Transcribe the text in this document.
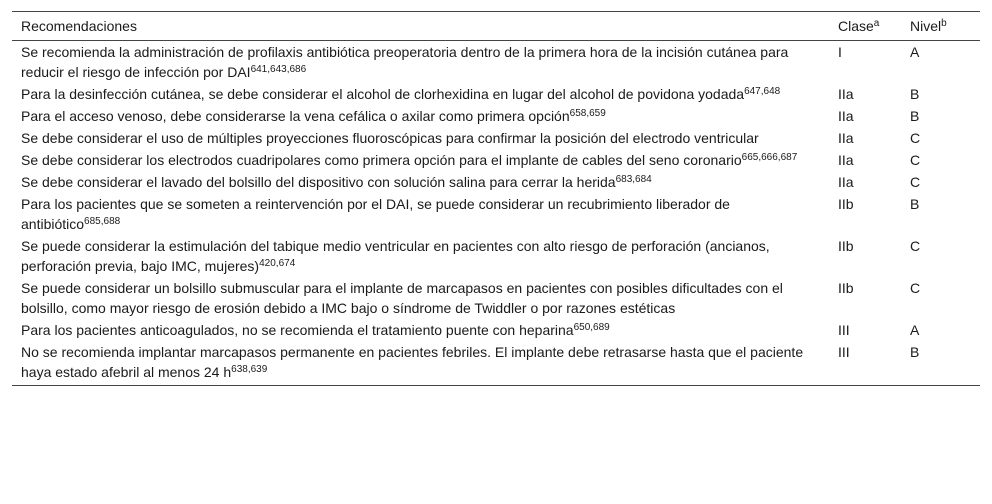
Recomendaciones	Clase$^a$	Nivel$^b$
Se recomienda la administración de profilaxis antibiótica preoperatoria dentro de la primera hora de la incisión cutánea para reducir el riesgo de infección por DAI$^{641,643,686}$	I	A
Para la desinfección cutánea, se debe considerar el alcohol de clorhexidina en lugar del alcohol de povidona yodada$^{647,648}$	IIa	B
Para el acceso venoso, debe considerarse la vena cefálica o axilar como primera opción$^{658,659}$	IIa	B
Se debe considerar el uso de múltiples proyecciones fluoroscópicas para confirmar la posición del electrodo ventricular	IIa	C
Se debe considerar los electrodos cuadripolares como primera opción para el implante de cables del seno coronario$^{665,666,687}$	IIa	C
Se debe considerar el lavado del bolsillo del dispositivo con solución salina para cerrar la herida$^{683,684}$	IIa	C
Para los pacientes que se someten a reintervención por el DAI, se puede considerar un recubrimiento liberador de antibiótico$^{685,688}$	IIb	B
Se puede considerar la estimulación del tabique medio ventricular en pacientes con alto riesgo de perforación (ancianos, perforación previa, bajo IMC, mujeres)$^{420,674}$	IIb	C
Se puede considerar un bolsillo submuscular para el implante de marcapasos en pacientes con posibles dificultades con el bolsillo, como mayor riesgo de erosión debido a IMC bajo o síndrome de Twiddler o por razones estéticas	IIb	C
Para los pacientes anticoagulados, no se recomienda el tratamiento puente con heparina$^{650,689}$	III	A
No se recomienda implantar marcapasos permanente en pacientes febriles. El implante debe retrasarse hasta que el paciente haya estado afebril al menos 24 $h^{638,639}$	III	B
